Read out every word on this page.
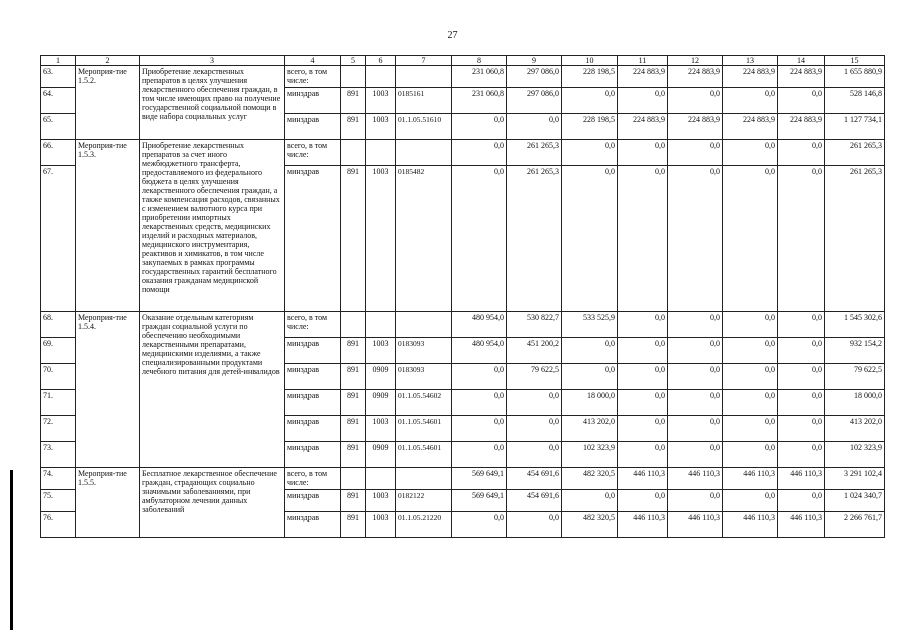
27
1	2	3	4	5	6	7	8	9	10	11	12	13	14	15
63.	Мероприя-тие 1.5.2.	Приобретение лекарственных препаратов в целях улучшения лекарственного обеспечения граждан, в том числе имеющих право на получение государственной социальной помощи в виде набора социальных услуг	всего, в том числе:				231 060,8	297 086,0	228 198,5	224 883,9	224 883,9	224 883,9	224 883,9	1 655 880,9
64.			минздрав	891	1003	0185161	231 060,8	297 086,0	0,0	0,0	0,0	0,0	0,0	528 146,8
65.			минздрав	891	1003	01.1.05.51610	0,0	0,0	228 198,5	224 883,9	224 883,9	224 883,9	224 883,9	1 127 734,1
66.	Мероприя-тие 1.5.3.	Приобретение лекарственных препаратов за счет иного межбюджетного трансферта, предоставляемого из федерального бюджета в целях улучшения лекарственного обеспечения граждан, а также компенсация расходов, связанных с изменением валютного курса при приобретении импортных лекарственных средств, медицинских изделий и расходных материалов, медицинского инструментария, реактивов и химикатов, в том числе закупаемых в рамках программы государственных гарантий бесплатного оказания гражданам медицинской помощи	всего, в том числе:				0,0	261 265,3	0,0	0,0	0,0	0,0	0,0	261 265,3
67.			минздрав	891	1003	0185482	0,0	261 265,3	0,0	0,0	0,0	0,0	0,0	261 265,3
68.	Мероприя-тие 1.5.4.	Оказание отдельным категориям граждан социальной услуги по обеспечению необходимыми лекарственными препаратами, медицинскими изделиями, а также специализированными продуктами лечебного питания для детей-инвалидов	всего, в том числе:				480 954,0	530 822,7	533 525,9	0,0	0,0	0,0	0,0	1 545 302,6
69.			минздрав	891	1003	0183093	480 954,0	451 200,2	0,0	0,0	0,0	0,0	0,0	932 154,2
70.			минздрав	891	0909	0183093	0,0	79 622,5	0,0	0,0	0,0	0,0	0,0	79 622,5
71.			минздрав	891	0909	01.1.05.54602	0,0	0,0	18 000,0	0,0	0,0	0,0	0,0	18 000,0
72.			минздрав	891	1003	01.1.05.54601	0,0	0,0	413 202,0	0,0	0,0	0,0	0,0	413 202,0
73.			минздрав	891	0909	01.1.05.54601	0,0	0,0	102 323,9	0,0	0,0	0,0	0,0	102 323,9
74.	Мероприя-тие 1.5.5.	Бесплатное лекарственное обеспечение граждан, страдающих социально значимыми заболеваниями, при амбулаторном лечении данных заболеваний	всего, в том числе:				569 649,1	454 691,6	482 320,5	446 110,3	446 110,3	446 110,3	446 110,3	3 291 102,4
75.			минздрав	891	1003	0182122	569 649,1	454 691,6	0,0	0,0	0,0	0,0	0,0	1 024 340,7
76.			минздрав	891	1003	01.1.05.21220	0,0	0,0	482 320,5	446 110,3	446 110,3	446 110,3	446 110,3	2 266 761,7
